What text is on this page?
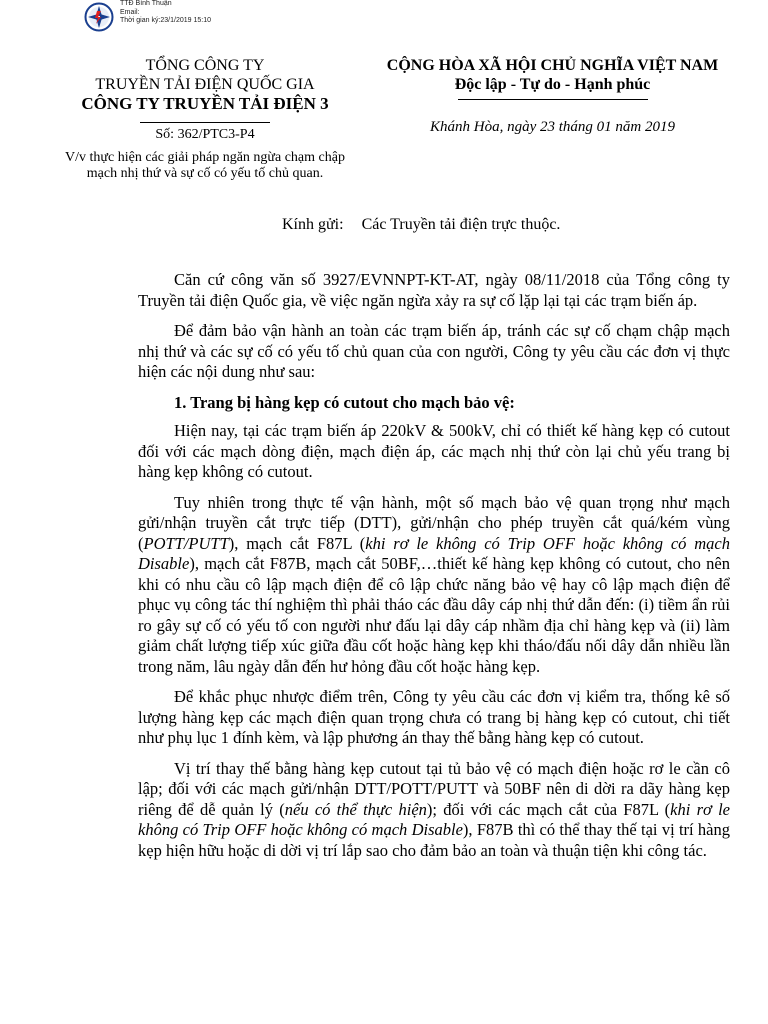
TTĐ Bình Thuận
Email:
Thời gian ký:23/1/2019 15:10
TỔNG CÔNG TY
TRUYỀN TẢI ĐIỆN QUỐC GIA
CÔNG TY TRUYỀN TẢI ĐIỆN 3
CỘNG HÒA XÃ HỘI CHỦ NGHĨA VIỆT NAM
Độc lập - Tự do - Hạnh phúc
Số: 362/PTC3-P4
V/v thực hiện các giải pháp ngăn ngừa chạm chập mạch nhị thứ và sự cố có yếu tố chủ quan.
Khánh Hòa, ngày 23 tháng 01 năm 2019
Kính gửi: Các Truyền tải điện trực thuộc.

Căn cứ công văn số 3927/EVNNPT-KT-AT, ngày 08/11/2018 của Tổng công ty Truyền tải điện Quốc gia, về việc ngăn ngừa xảy ra sự cố lặp lại tại các trạm biến áp.

Để đảm bảo vận hành an toàn các trạm biến áp, tránh các sự cố chạm chập mạch nhị thứ và các sự cố có yếu tố chủ quan của con người, Công ty yêu cầu các đơn vị thực hiện các nội dung như sau:

1. Trang bị hàng kẹp có cutout cho mạch bảo vệ:

Hiện nay, tại các trạm biến áp 220kV & 500kV, chỉ có thiết kế hàng kẹp có cutout đối với các mạch dòng điện, mạch điện áp, các mạch nhị thứ còn lại chủ yếu trang bị hàng kẹp không có cutout.

Tuy nhiên trong thực tế vận hành, một số mạch bảo vệ quan trọng như mạch gửi/nhận truyền cắt trực tiếp (DTT), gửi/nhận cho phép truyền cắt quá/kém vùng (POTT/PUTT), mạch cắt F87L (khi rơ le không có Trip OFF hoặc không có mạch Disable), mạch cắt F87B, mạch cắt 50BF,…thiết kế hàng kẹp không có cutout, cho nên khi có nhu cầu cô lập mạch điện để cô lập chức năng bảo vệ hay cô lập mạch điện để phục vụ công tác thí nghiệm thì phải tháo các đầu dây cáp nhị thứ dẫn đến: (i) tiềm ẩn rủi ro gây sự cố có yếu tố con người như đấu lại dây cáp nhầm địa chỉ hàng kẹp và (ii) làm giảm chất lượng tiếp xúc giữa đầu cốt hoặc hàng kẹp khi tháo/đấu nối dây dẫn nhiều lần trong năm, lâu ngày dẫn đến hư hỏng đầu cốt hoặc hàng kẹp.

Để khắc phục nhược điểm trên, Công ty yêu cầu các đơn vị kiểm tra, thống kê số lượng hàng kẹp các mạch điện quan trọng chưa có trang bị hàng kẹp có cutout, chi tiết như phụ lục 1 đính kèm, và lập phương án thay thế bằng hàng kẹp có cutout.

Vị trí thay thế bằng hàng kẹp cutout tại tủ bảo vệ có mạch điện hoặc rơ le cần cô lập; đối với các mạch gửi/nhận DTT/POTT/PUTT và 50BF nên di dời ra dãy hàng kẹp riêng để dễ quản lý (nếu có thể thực hiện); đối với các mạch cắt của F87L (khi rơ le không có Trip OFF hoặc không có mạch Disable), F87B thì có thể thay thế tại vị trí hàng kẹp hiện hữu hoặc di dời vị trí lắp sao cho đảm bảo an toàn và thuận tiện khi công tác.
